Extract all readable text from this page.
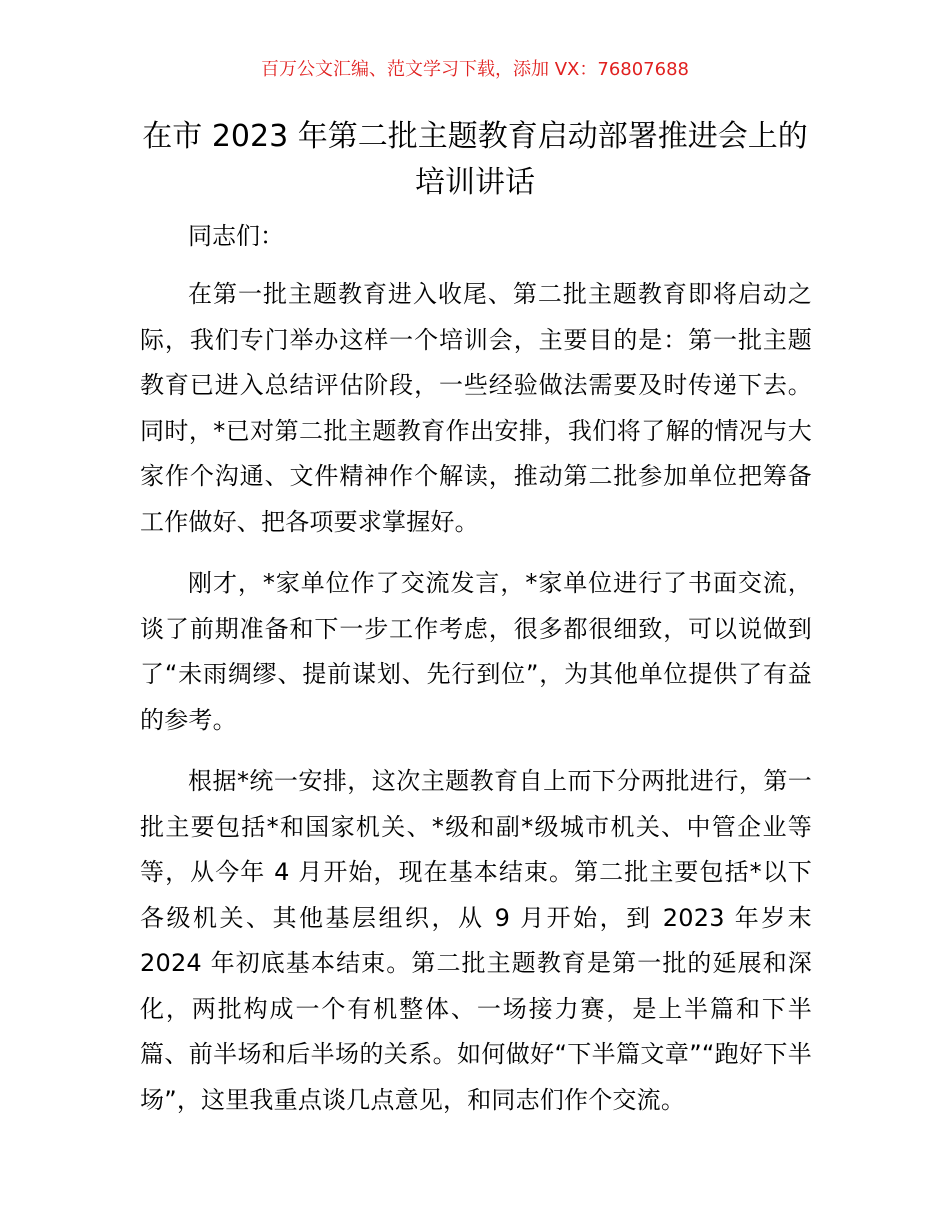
百万公文汇编、范文学习下载，添加 VX：76807688
在市 2023 年第二批主题教育启动部署推进会上的培训讲话

同志们：

在第一批主题教育进入收尾、第二批主题教育即将启动之际，我们专门举办这样一个培训会，主要目的是：第一批主题教育已进入总结评估阶段，一些经验做法需要及时传递下去。同时，*已对第二批主题教育作出安排，我们将了解的情况与大家作个沟通、文件精神作个解读，推动第二批参加单位把筹备工作做好、把各项要求掌握好。

刚才，*家单位作了交流发言，*家单位进行了书面交流，谈了前期准备和下一步工作考虑，很多都很细致，可以说做到了“未雨绸缪、提前谋划、先行到位”，为其他单位提供了有益的参考。

根据*统一安排，这次主题教育自上而下分两批进行，第一批主要包括*和国家机关、*级和副*级城市机关、中管企业等等，从今年 4 月开始，现在基本结束。第二批主要包括*以下各级机关、其他基层组织，从 9 月开始，到 2023 年岁末 2024 年初底基本结束。第二批主题教育是第一批的延展和深化，两批构成一个有机整体、一场接力赛，是上半篇和下半篇、前半场和后半场的关系。如何做好“下半篇文章”“跑好下半场”，这里我重点谈几点意见，和同志们作个交流。
